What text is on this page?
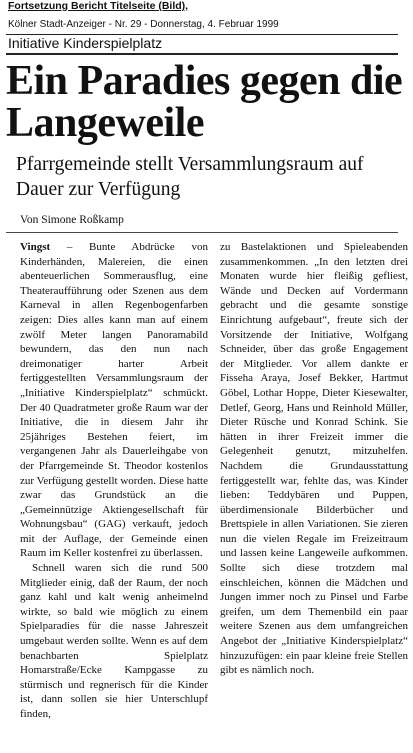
Fortsetzung Bericht Titelseite (Bild),
Kölner Stadt-Anzeiger - Nr. 29 - Donnerstag, 4. Februar 1999
Initiative Kinderspielplatz
Ein Paradies gegen die Langeweile
Pfarrgemeinde stellt Versammlungsraum auf Dauer zur Verfügung
Von Simone Roßkamp

Vingst – Bunte Abdrücke von Kinderhänden, Malereien, die einen abenteuerlichen Sommerausflug, eine Theateraufführung oder Szenen aus dem Karneval in allen Regenbogenfarben zeigen: Dies alles kann man auf einem zwölf Meter langen Panoramabild bewundern, das den nun nach dreimonatiger harter Arbeit fertiggestellten Versammlungsraum der „Initiative Kinderspielplatz“ schmückt. Der 40 Quadratmeter große Raum war der Initiative, die in diesem Jahr ihr 25jähriges Bestehen feiert, im vergangenen Jahr als Dauerleihgabe von der Pfarrgemeinde St. Theodor kostenlos zur Verfügung gestellt worden. Diese hatte zwar das Grundstück an die „Gemeinnützige Aktiengesellschaft für Wohnungsbau“ (GAG) verkauft, jedoch mit der Auflage, der Gemeinde einen Raum im Keller kostenfrei zu überlassen.

Schnell waren sich die rund 500 Mitglieder einig, daß der Raum, der noch ganz kahl und kalt wenig anheimelnd wirkte, so bald wie möglich zu einem Spielparadies für die nasse Jahreszeit umgebaut werden sollte. Wenn es auf dem benachbarten Spielplatz Homarstraße/Ecke Kampgasse zu stürmisch und regnerisch für die Kinder ist, dann sollen sie hier Unterschlupf finden,

zu Bastelaktionen und Spieleabenden zusammenkommen. „In den letzten drei Monaten wurde hier fleißig gefliest, Wände und Decken auf Vordermann gebracht und die gesamte sonstige Einrichtung aufgebaut“, freute sich der Vorsitzende der Initiative, Wolfgang Schneider, über das große Engagement der Mitglieder. Vor allem dankte er Fisseha Araya, Josef Bekker, Hartmut Göbel, Lothar Hoppe, Dieter Kiesewalter, Detlef, Georg, Hans und Reinhold Müller, Dieter Rüsche und Konrad Schink. Sie hätten in ihrer Freizeit immer die Gelegenheit genutzt, mitzuhelfen. Nachdem die Grundausstattung fertiggestellt war, fehlte das, was Kinder lieben: Teddybären und Puppen, überdimensionale Bilderbücher und Brettspiele in allen Variationen. Sie zieren nun die vielen Regale im Freizeitraum und lassen keine Langeweile aufkommen. Sollte sich diese trotzdem mal einschleichen, können die Mädchen und Jungen immer noch zu Pinsel und Farbe greifen, um dem Themenbild ein paar weitere Szenen aus dem umfangreichen Angebot der „Initiative Kinderspielplatz“ hinzuzufügen: ein paar kleine freie Stellen gibt es nämlich noch.
